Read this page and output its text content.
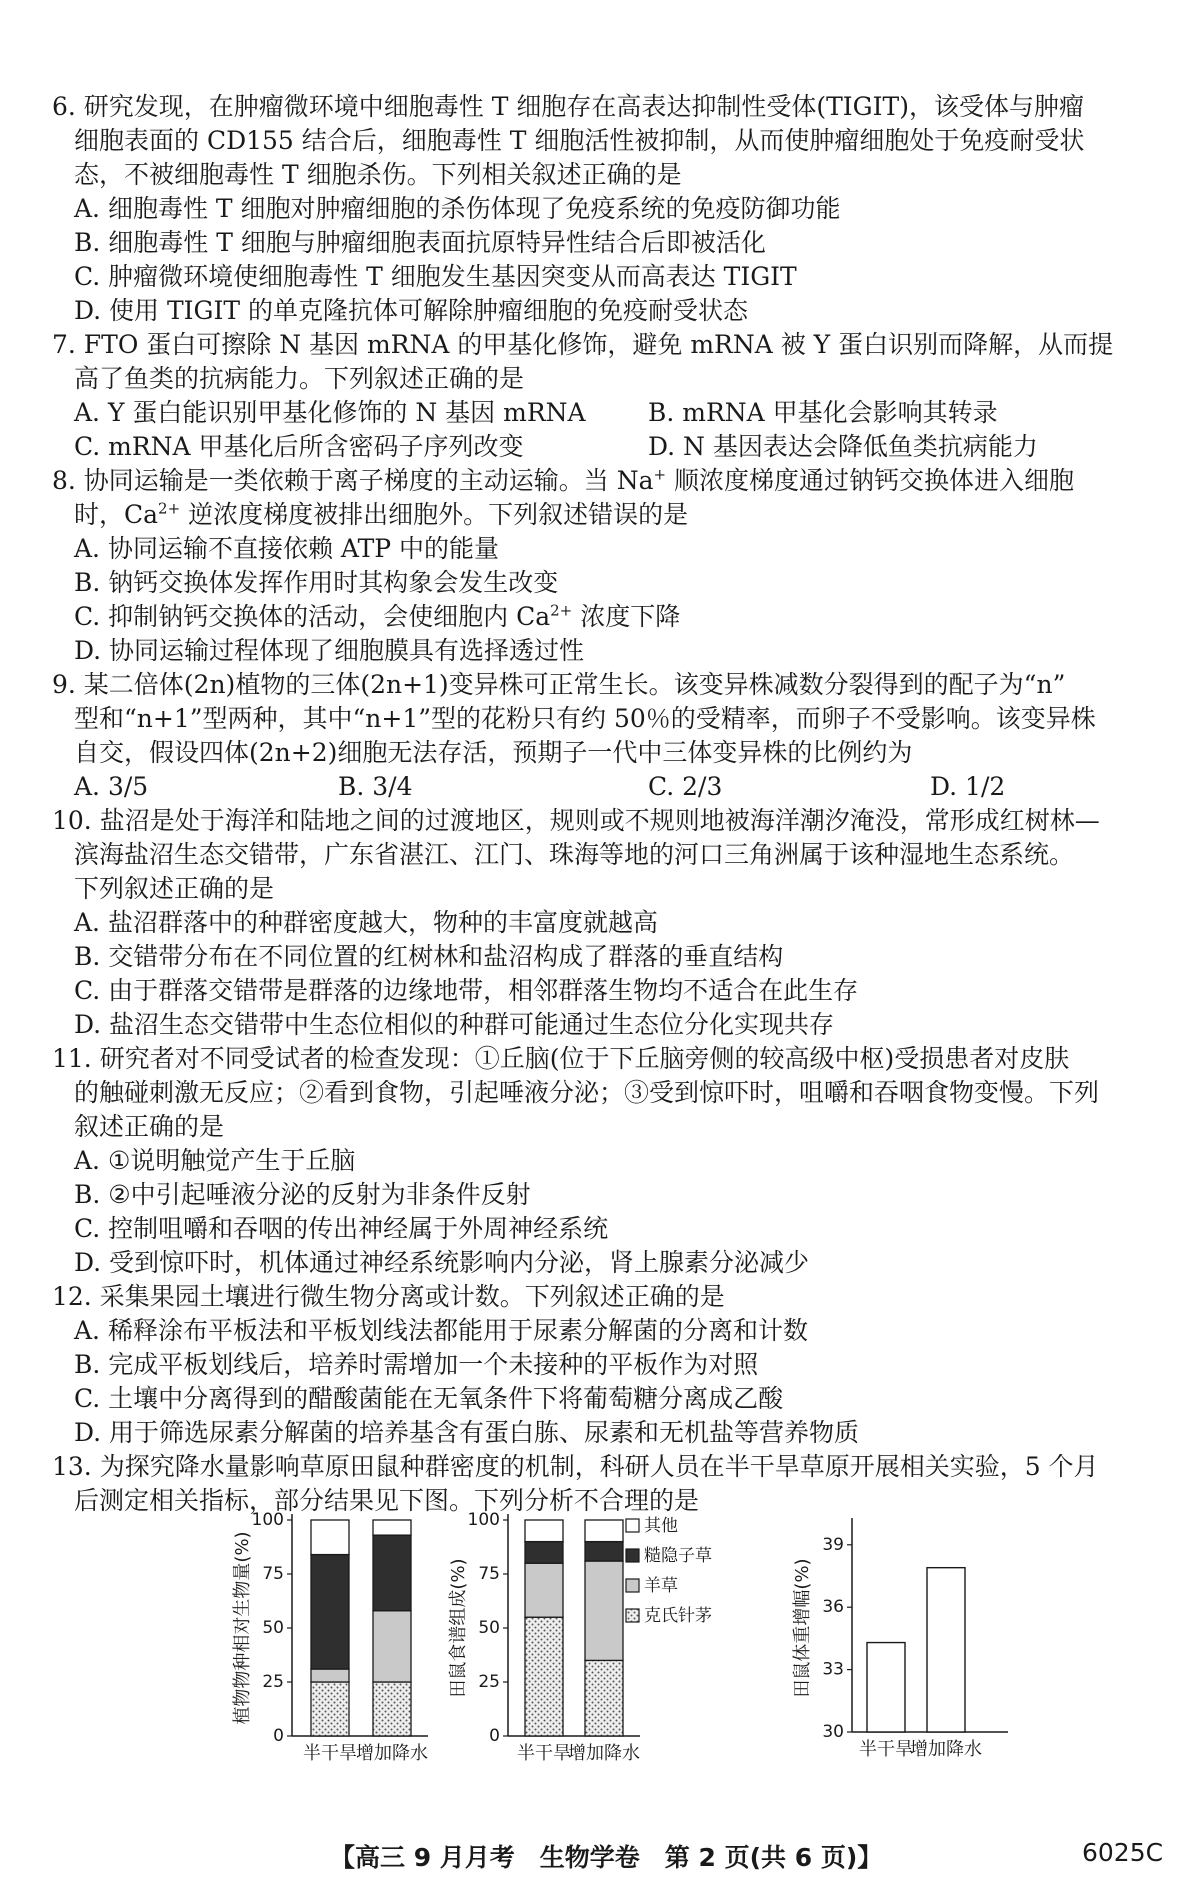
6. 研究发现，在肿瘤微环境中细胞毒性 T 细胞存在高表达抑制性受体(TIGIT)，该受体与肿瘤
细胞表面的 CD155 结合后，细胞毒性 T 细胞活性被抑制，从而使肿瘤细胞处于免疫耐受状
态，不被细胞毒性 T 细胞杀伤。下列相关叙述正确的是
A. 细胞毒性 T 细胞对肿瘤细胞的杀伤体现了免疫系统的免疫防御功能
B. 细胞毒性 T 细胞与肿瘤细胞表面抗原特异性结合后即被活化
C. 肿瘤微环境使细胞毒性 T 细胞发生基因突变从而高表达 TIGIT
D. 使用 TIGIT 的单克隆抗体可解除肿瘤细胞的免疫耐受状态
7. FTO 蛋白可擦除 N 基因 mRNA 的甲基化修饰，避免 mRNA 被 Y 蛋白识别而降解，从而提
高了鱼类的抗病能力。下列叙述正确的是
A. Y 蛋白能识别甲基化修饰的 N 基因 mRNA B. mRNA 甲基化会影响其转录
C. mRNA 甲基化后所含密码子序列改变	D. N 基因表达会降低鱼类抗病能力
8. 协同运输是一类依赖于离子梯度的主动运输。当 Na+ 顺浓度梯度通过钠钙交换体进入细胞
时，$Ca^{2+}$ 逆浓度梯度被排出细胞外。下列叙述错误的是
A. 协同运输不直接依赖 ATP 中的能量
B. 钠钙交换体发挥作用时其构象会发生改变
C. 抑制钠钙交换体的活动，会使细胞内 $Ca^{2+}$ 浓度下降
D. 协同运输过程体现了细胞膜具有选择透过性
9. 某二倍体(2n)植物的三体(2n+1)变异株可正常生长。该变异株减数分裂得到的配子为“n”
型和“n+1”型两种，其中“n+1”型的花粉只有约 50％的受精率，而卵子不受影响。该变异株
自交，假设四体(2n+2)细胞无法存活，预期子一代中三体变异株的比例约为
A. 3/5	B. 3/4	C. 2/3	D. 1/2
10. 盐沼是处于海洋和陆地之间的过渡地区，规则或不规则地被海洋潮汐淹没，常形成红树林—
滨海盐沼生态交错带，广东省湛江、江门、珠海等地的河口三角洲属于该种湿地生态系统。
下列叙述正确的是
A. 盐沼群落中的种群密度越大，物种的丰富度就越高
B. 交错带分布在不同位置的红树林和盐沼构成了群落的垂直结构
C. 由于群落交错带是群落的边缘地带，相邻群落生物均不适合在此生存
D. 盐沼生态交错带中生态位相似的种群可能通过生态位分化实现共存
11. 研究者对不同受试者的检查发现：①丘脑(位于下丘脑旁侧的较高级中枢)受损患者对皮肤
的触碰刺激无反应；②看到食物，引起唾液分泌；③受到惊吓时，咀嚼和吞咽食物变慢。下列
叙述正确的是
A. ①说明触觉产生于丘脑
B. ②中引起唾液分泌的反射为非条件反射
C. 控制咀嚼和吞咽的传出神经属于外周神经系统
D. 受到惊吓时，机体通过神经系统影响内分泌，肾上腺素分泌减少
12. 采集果园土壤进行微生物分离或计数。下列叙述正确的是
A. 稀释涂布平板法和平板划线法都能用于尿素分解菌的分离和计数
B. 完成平板划线后，培养时需增加一个未接种的平板作为对照
C. 土壤中分离得到的醋酸菌能在无氧条件下将葡萄糖分离成乙酸
D. 用于筛选尿素分解菌的培养基含有蛋白胨、尿素和无机盐等营养物质
13. 为探究降水量影响草原田鼠种群密度的机制，科研人员在半干旱草原开展相关实验，5 个月
后测定相关指标，部分结果见下图。下列分析不合理的是
0
25
50
75
100
植物物种相对生物量(%)
半干旱 增加降水
0
25
50
75
100
田鼠食谱组成(%)
半干旱
增加降水
30
33
36
39
田鼠体重增幅(%)
半干旱
增加降水
其他
糙隐子草
羊草
克氏针茅
【高三 9 月月考　生物学卷　第 2 页(共 6 页)】	6025C
